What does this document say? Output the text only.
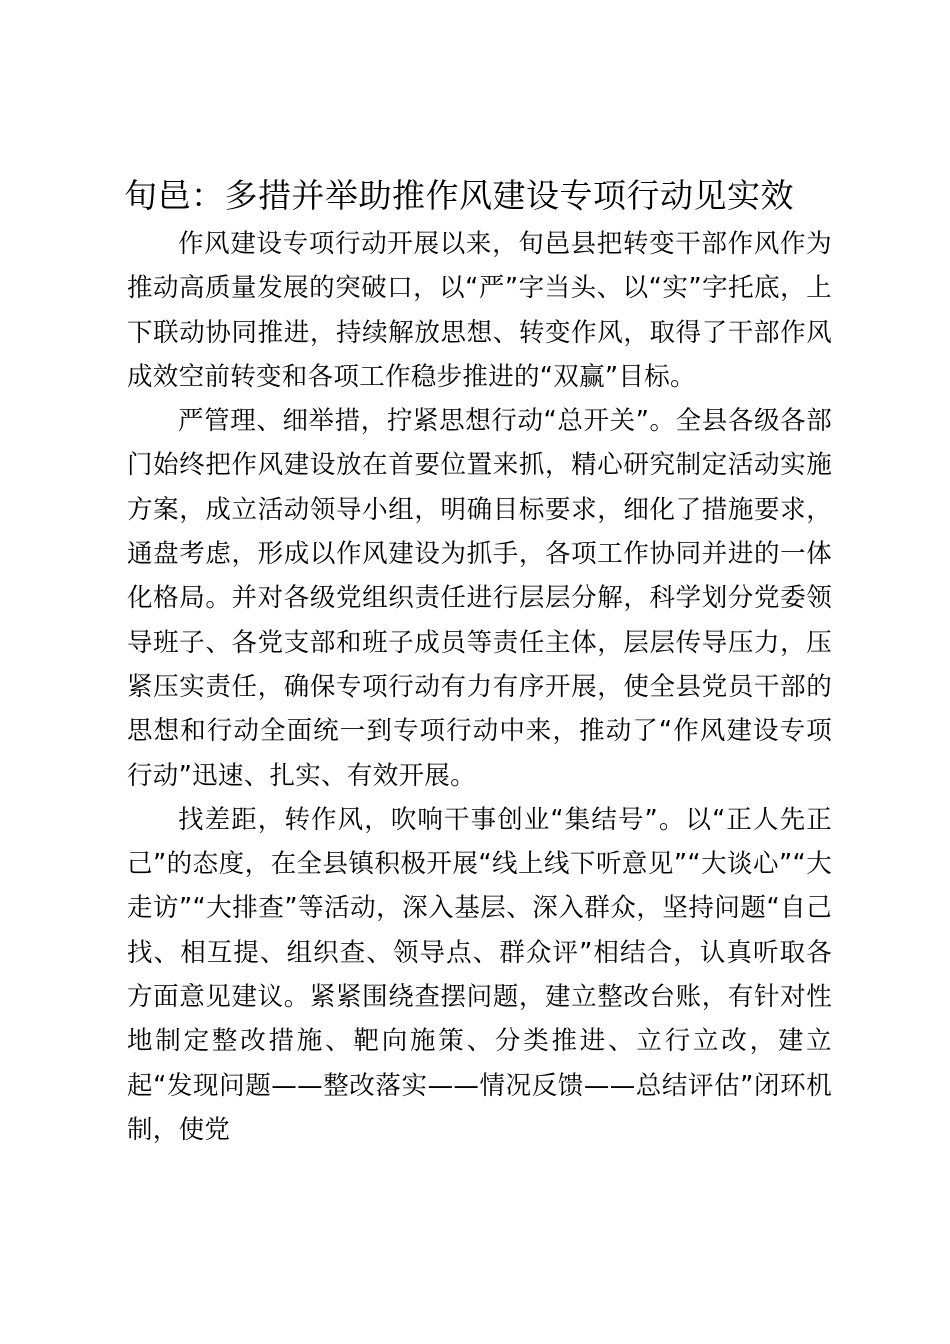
旬邑：多措并举助推作风建设专项行动见实效

作风建设专项行动开展以来，旬邑县把转变干部作风作为推动高质量发展的突破口，以“严”字当头、以“实”字托底，上下联动协同推进，持续解放思想、转变作风，取得了干部作风成效空前转变和各项工作稳步推进的“双赢”目标。

严管理、细举措，拧紧思想行动“总开关”。全县各级各部门始终把作风建设放在首要位置来抓，精心研究制定活动实施方案，成立活动领导小组，明确目标要求，细化了措施要求，通盘考虑，形成以作风建设为抓手，各项工作协同并进的一体化格局。并对各级党组织责任进行层层分解，科学划分党委领导班子、各党支部和班子成员等责任主体，层层传导压力，压紧压实责任，确保专项行动有力有序开展，使全县党员干部的思想和行动全面统一到专项行动中来，推动了“作风建设专项行动”迅速、扎实、有效开展。

找差距，转作风，吹响干事创业“集结号”。以“正人先正己”的态度，在全县镇积极开展“线上线下听意见”“大谈心”“大走访”“大排查”等活动，深入基层、深入群众，坚持问题“自己找、相互提、组织查、领导点、群众评”相结合，认真听取各方面意见建议。紧紧围绕查摆问题，建立整改台账，有针对性地制定整改措施、靶向施策、分类推进、立行立改，建立起“发现问题——整改落实——情况反馈——总结评估”闭环机制，使党
